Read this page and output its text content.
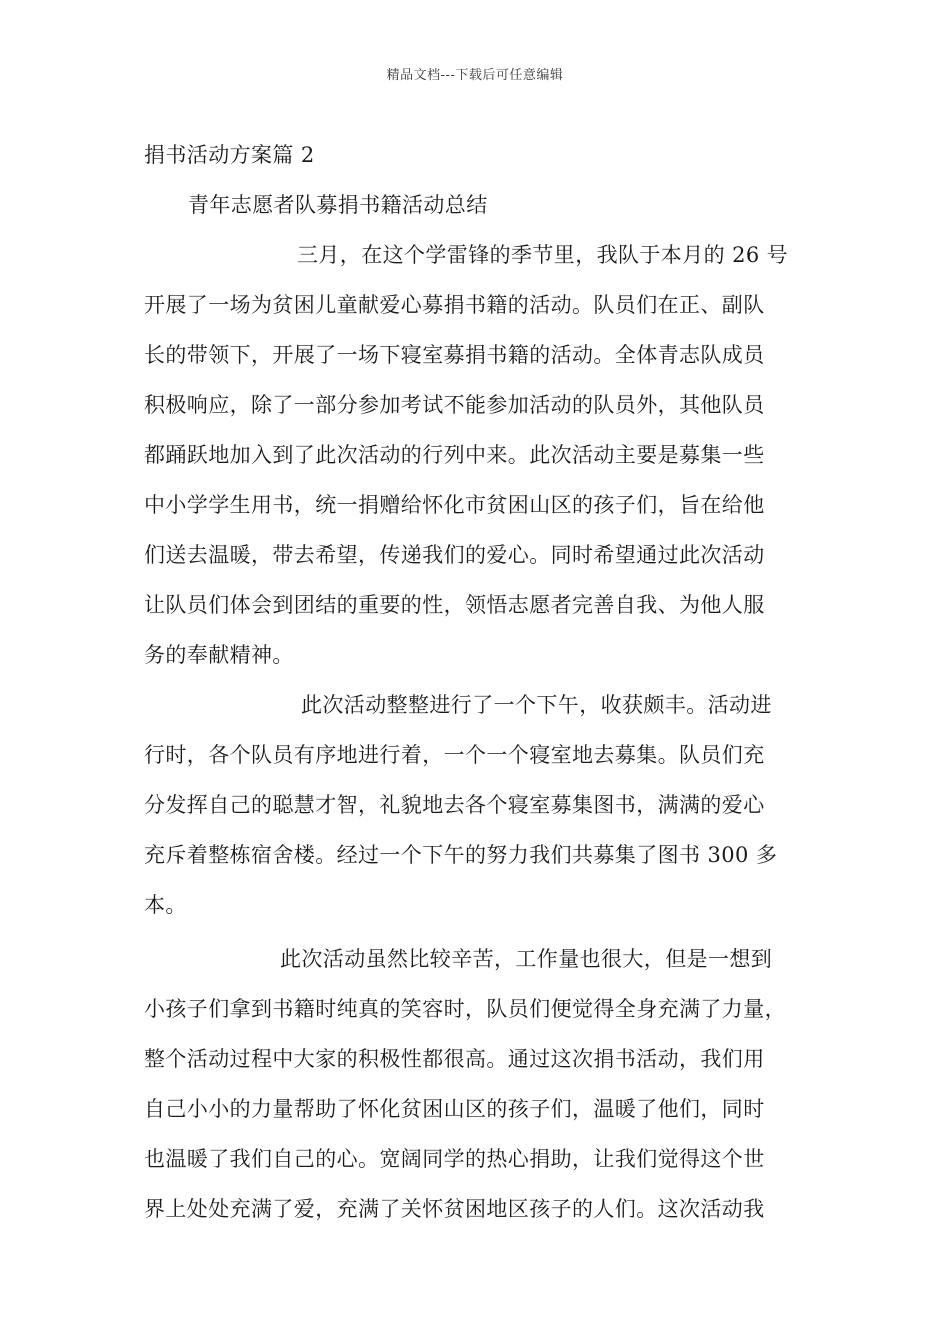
精品文档---下载后可任意编辑
捐书活动方案篇 2
青年志愿者队募捐书籍活动总结
三月，在这个学雷锋的季节里，我队于本月的 26 号
开展了一场为贫困儿童献爱心募捐书籍的活动。队员们在正、副队
长的带领下，开展了一场下寝室募捐书籍的活动。全体青志队成员
积极响应，除了一部分参加考试不能参加活动的队员外，其他队员
都踊跃地加入到了此次活动的行列中来。此次活动主要是募集一些
中小学学生用书，统一捐赠给怀化市贫困山区的孩子们，旨在给他
们送去温暖，带去希望，传递我们的爱心。同时希望通过此次活动
让队员们体会到团结的重要的性，领悟志愿者完善自我、为他人服
务的奉献精神。
此次活动整整进行了一个下午，收获颇丰。活动进
行时，各个队员有序地进行着，一个一个寝室地去募集。队员们充
分发挥自己的聪慧才智，礼貌地去各个寝室募集图书，满满的爱心
充斥着整栋宿舍楼。经过一个下午的努力我们共募集了图书 300 多
本。
此次活动虽然比较辛苦，工作量也很大，但是一想到
小孩子们拿到书籍时纯真的笑容时，队员们便觉得全身充满了力量，
整个活动过程中大家的积极性都很高。通过这次捐书活动，我们用
自己小小的力量帮助了怀化贫困山区的孩子们，温暖了他们，同时
也温暖了我们自己的心。宽阔同学的热心捐助，让我们觉得这个世
界上处处充满了爱，充满了关怀贫困地区孩子的人们。这次活动我
